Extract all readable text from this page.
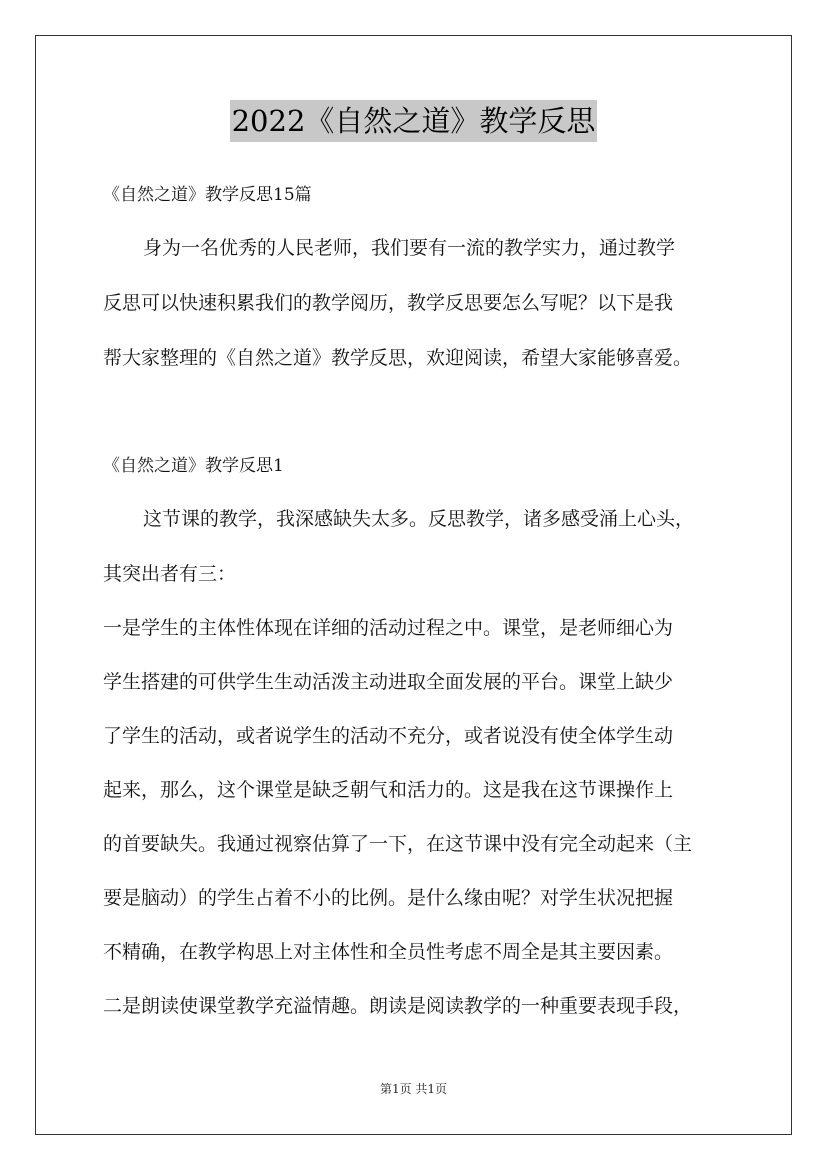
2022《自然之道》教学反思
《自然之道》教学反思15篇
身为一名优秀的人民老师，我们要有一流的教学实力，通过教学
反思可以快速积累我们的教学阅历，教学反思要怎么写呢？以下是我
帮大家整理的《自然之道》教学反思，欢迎阅读，希望大家能够喜爱。
《自然之道》教学反思1
这节课的教学，我深感缺失太多。反思教学，诸多感受涌上心头，
其突出者有三：
一是学生的主体性体现在详细的活动过程之中。课堂，是老师细心为
学生搭建的可供学生生动活泼主动进取全面发展的平台。课堂上缺少
了学生的活动，或者说学生的活动不充分，或者说没有使全体学生动
起来，那么，这个课堂是缺乏朝气和活力的。这是我在这节课操作上
的首要缺失。我通过视察估算了一下，在这节课中没有完全动起来（主
要是脑动）的学生占着不小的比例。是什么缘由呢？对学生状况把握
不精确，在教学构思上对主体性和全员性考虑不周全是其主要因素。
二是朗读使课堂教学充溢情趣。朗读是阅读教学的一种重要表现手段，
第1页 共1页
